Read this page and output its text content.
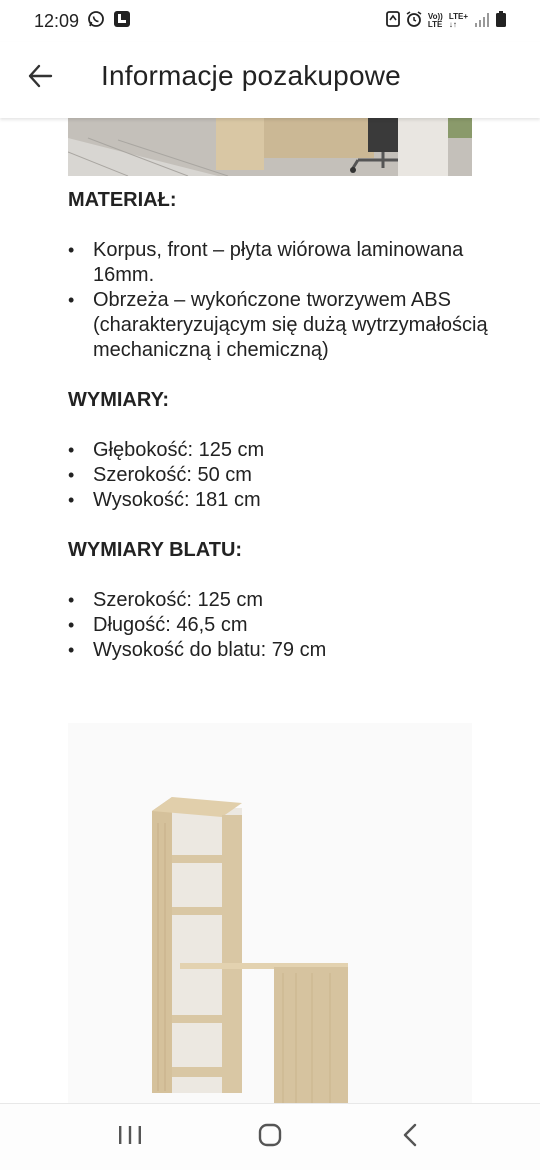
12:09	Vo))
LTE
LTE+
↓↑
Informacje pozakupowe
MATERIAŁ:
• Korpus, front – płyta wiórowa laminowana 16mm.
• Obrzeża – wykończone tworzywem ABS (charakteryzującym się dużą wytrzymałością mechaniczną i chemiczną)
WYMIARY:
• Głębokość: 125 cm
• Szerokość: 50 cm
• Wysokość: 181 cm
WYMIARY BLATU:
• Szerokość: 125 cm
• Długość: 46,5 cm
• Wysokość do blatu: 79 cm
